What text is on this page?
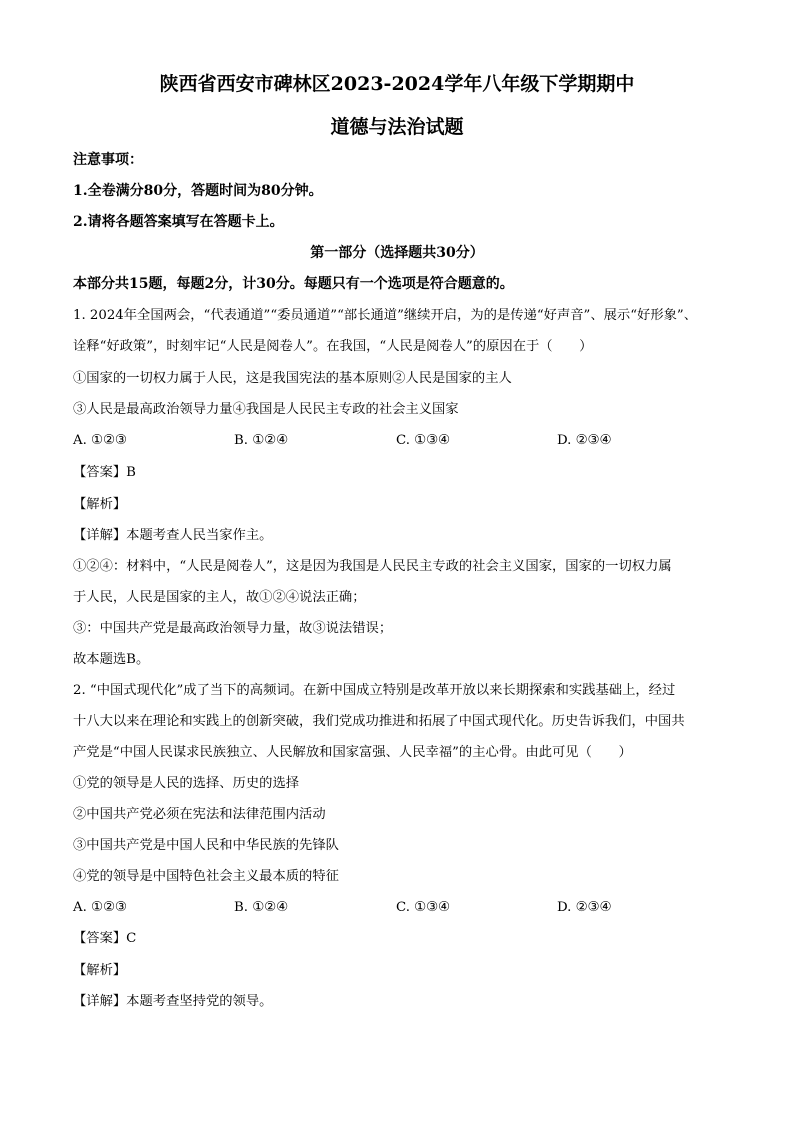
陕西省西安市碑林区2023-2024学年八年级下学期期中
道德与法治试题
注意事项：
1.全卷满分80分，答题时间为80分钟。
2.请将各题答案填写在答题卡上。
第一部分（选择题共30分）
本部分共15题，每题2分，计30分。每题只有一个选项是符合题意的。
1. 2024年全国两会，“代表通道”“委员通道”“部长通道”继续开启，为的是传递“好声音”、展示“好形象”、
诠释“好政策”，时刻牢记“人民是阅卷人”。在我国，“人民是阅卷人”的原因在于（　　）
①国家的一切权力属于人民，这是我国宪法的基本原则②人民是国家的主人
③人民是最高政治领导力量④我国是人民民主专政的社会主义国家
A. ①②③	B. ①②④	C. ①③④	D. ②③④
【答案】B
【解析】
【详解】本题考查人民当家作主。
①②④：材料中，“人民是阅卷人”，这是因为我国是人民民主专政的社会主义国家，国家的一切权力属
于人民，人民是国家的主人，故①②④说法正确；
③：中国共产党是最高政治领导力量，故③说法错误；
故本题选B。
2. “中国式现代化”成了当下的高频词。在新中国成立特别是改革开放以来长期探索和实践基础上，经过
十八大以来在理论和实践上的创新突破，我们党成功推进和拓展了中国式现代化。历史告诉我们，中国共
产党是“中国人民谋求民族独立、人民解放和国家富强、人民幸福”的主心骨。由此可见（　　）
①党的领导是人民的选择、历史的选择
②中国共产党必须在宪法和法律范围内活动
③中国共产党是中国人民和中华民族的先锋队
④党的领导是中国特色社会主义最本质的特征
A. ①②③	B. ①②④	C. ①③④	D. ②③④
【答案】C
【解析】
【详解】本题考查坚持党的领导。
